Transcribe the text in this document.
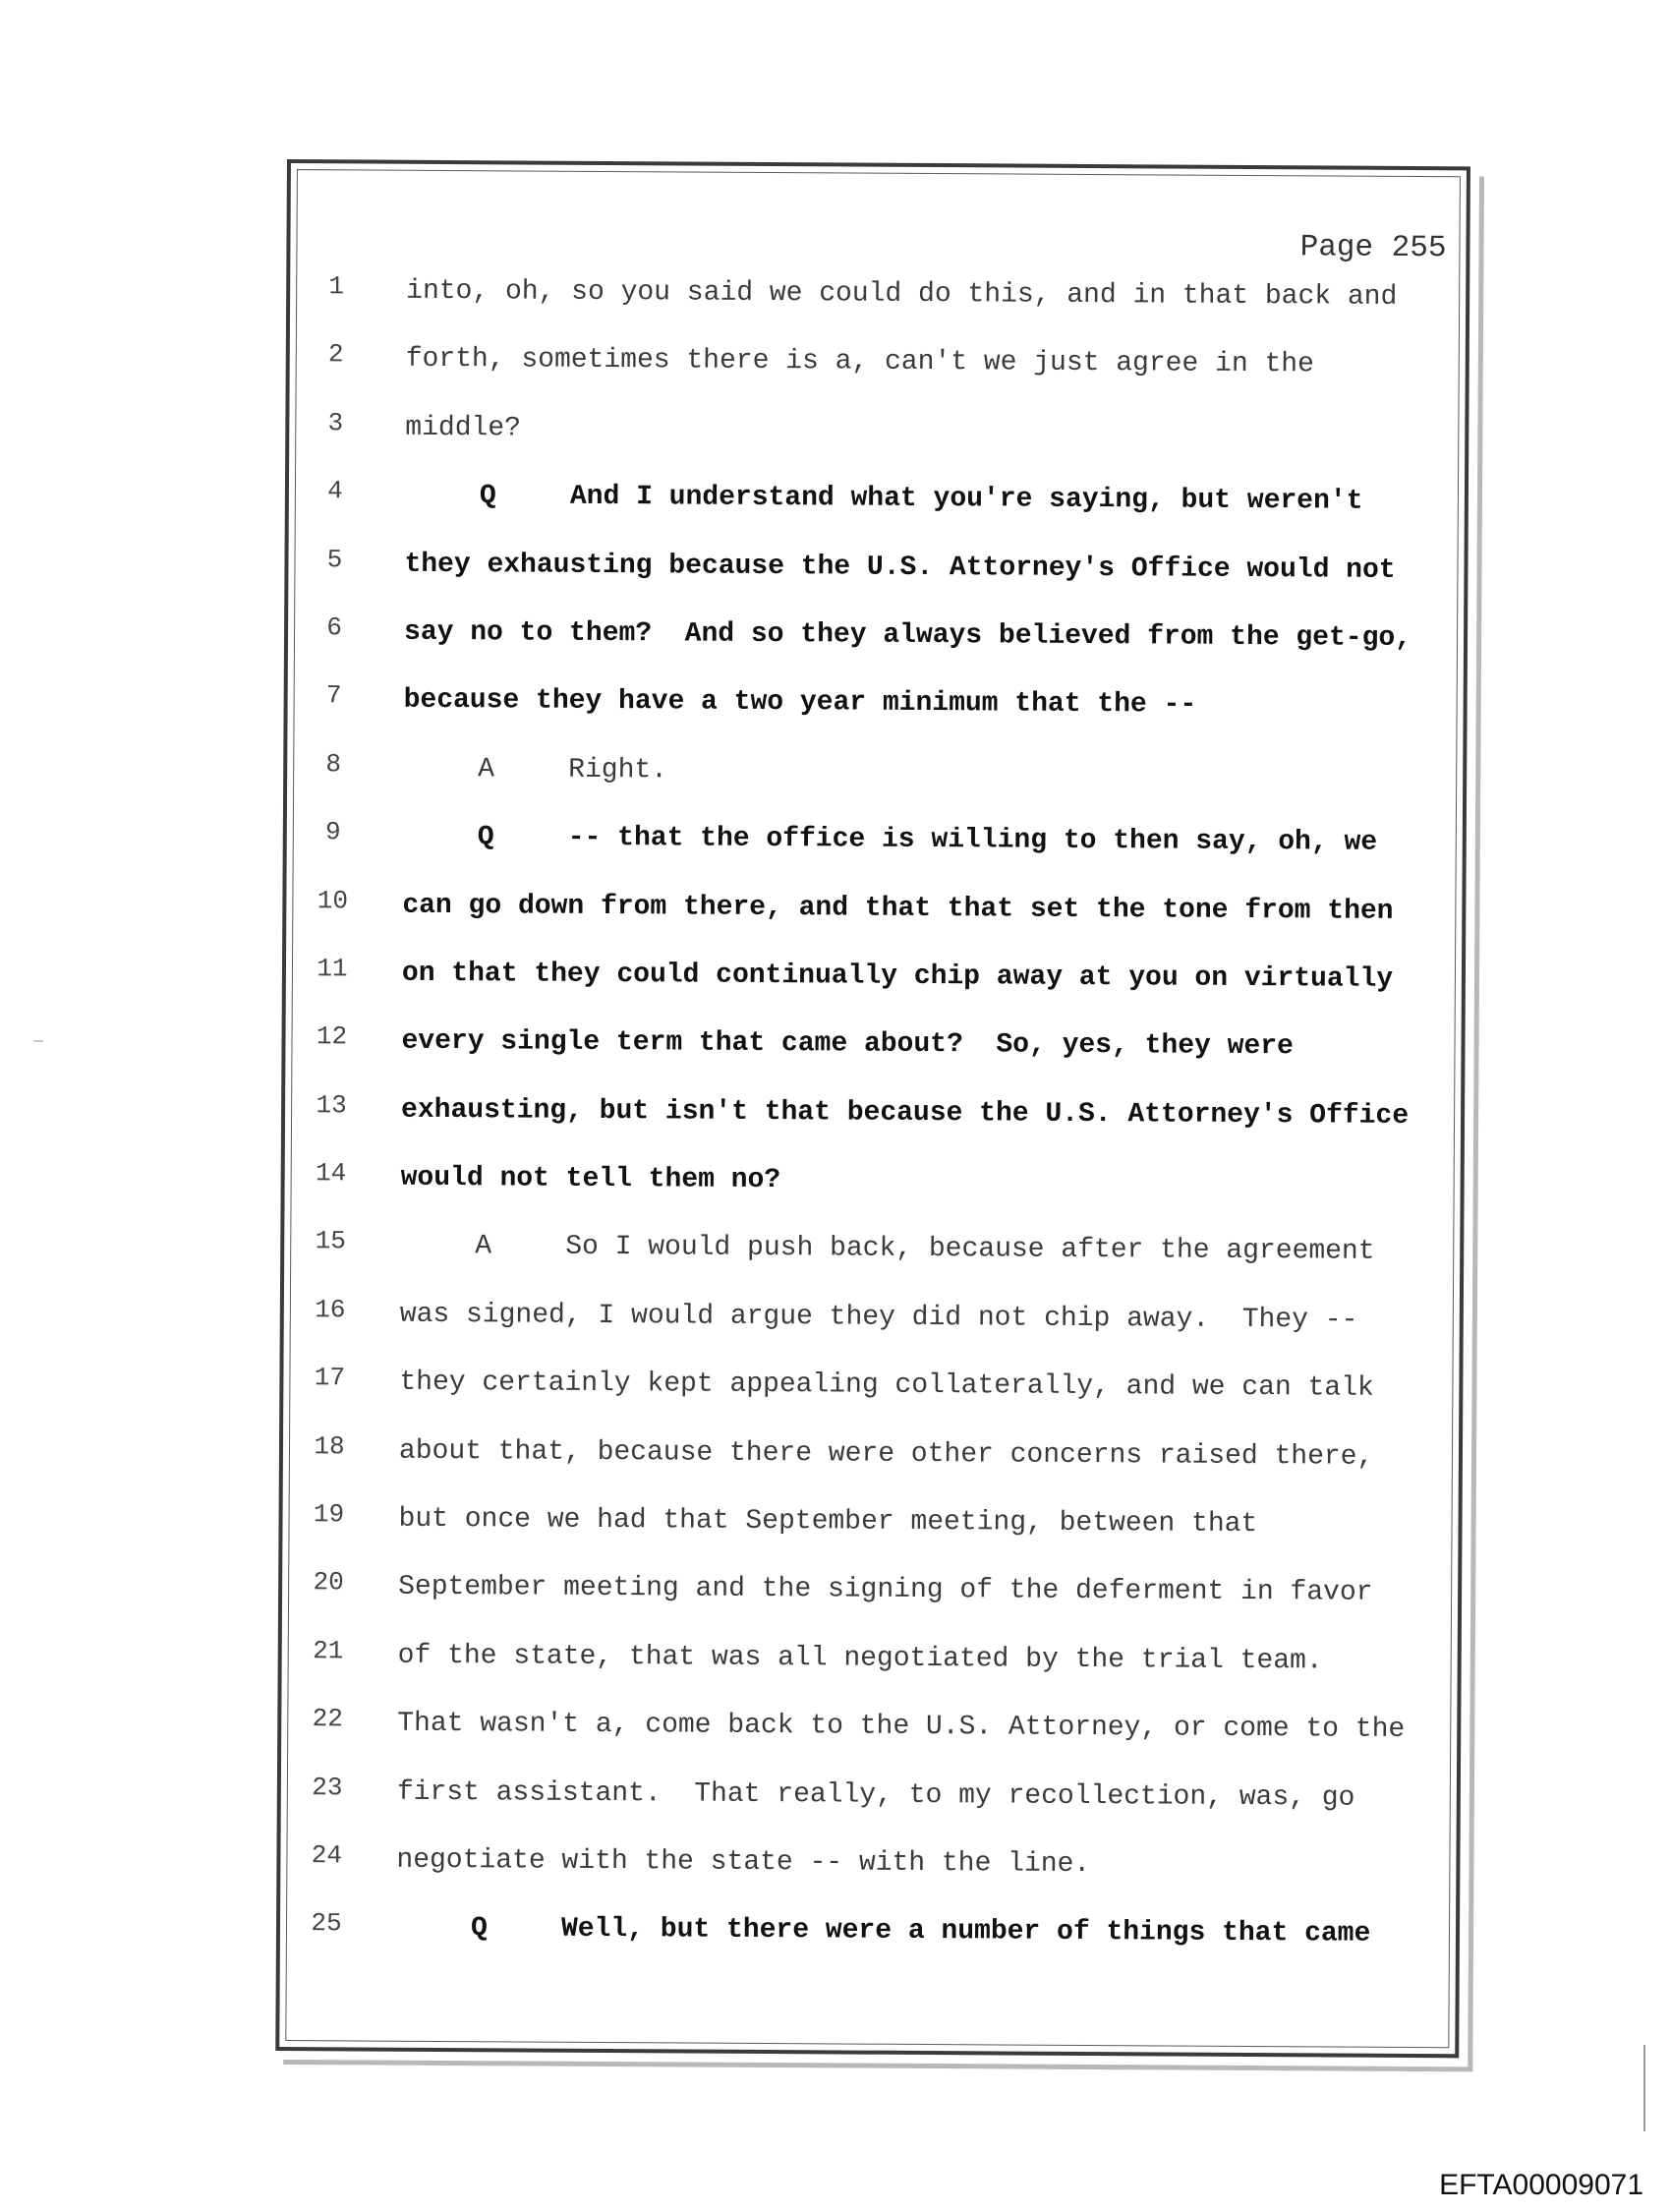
Page 255
1	into, oh, so you said we could do this, and in that back and
2	forth, sometimes there is a, can't we just agree in the
3	middle?
4	Q	And I understand what you're saying, but weren't
5	they exhausting because the U.S. Attorney's Office would not
6	say no to them?  And so they always believed from the get-go,
7	because they have a two year minimum that the --
8	A	Right.
9	Q	-- that the office is willing to then say, oh, we
10 can go down from there, and that that set the tone from then
11 on that they could continually chip away at you on virtually
12 every single term that came about?  So, yes, they were
13 exhausting, but isn't that because the U.S. Attorney's Office
14 would not tell them no?
15	A	So I would push back, because after the agreement
16 was signed, I would argue they did not chip away.  They --
17 they certainly kept appealing collaterally, and we can talk
18 about that, because there were other concerns raised there,
19 but once we had that September meeting, between that
20 September meeting and the signing of the deferment in favor
21 of the state, that was all negotiated by the trial team.
22 That wasn't a, come back to the U.S. Attorney, or come to the
23 first assistant.  That really, to my recollection, was, go
24 negotiate with the state -- with the line.
25	Q	Well, but there were a number of things that came
EFTA00009071
